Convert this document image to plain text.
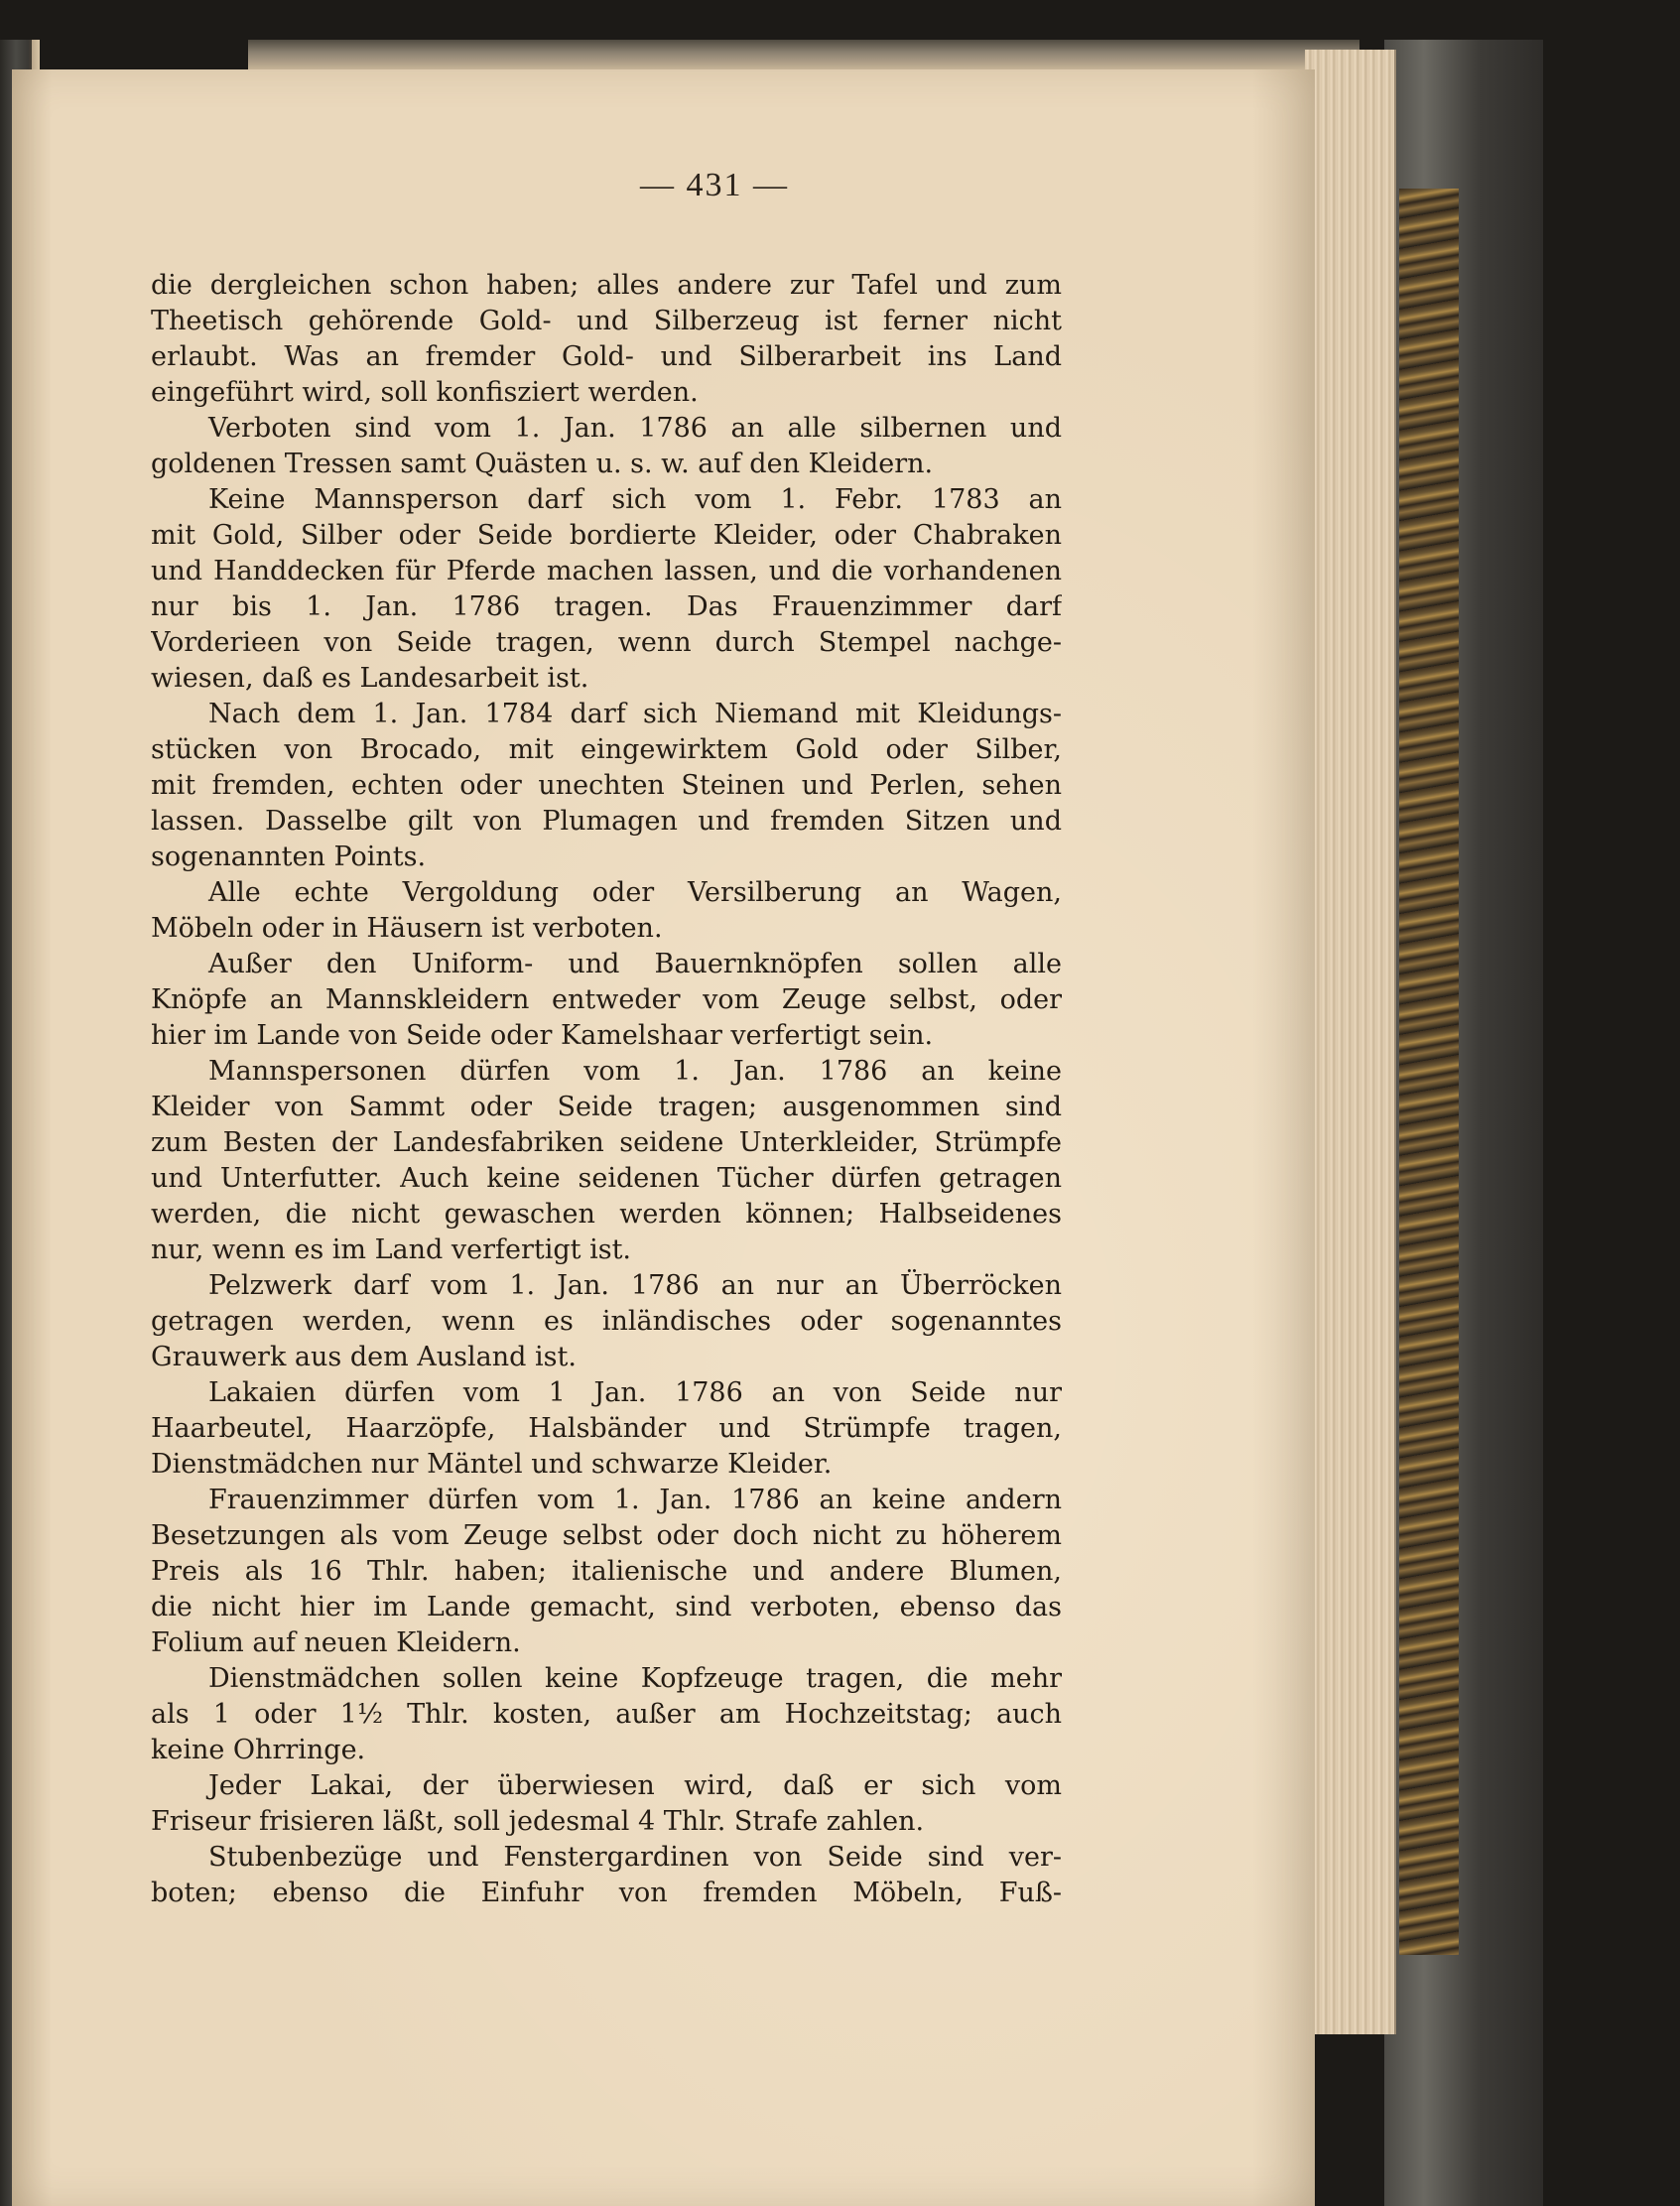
— 431 —
die dergleichen schon haben; alles andere zur Tafel und zum
Theetisch gehörende Gold- und Silberzeug ist ferner nicht
erlaubt. Was an fremder Gold- und Silberarbeit ins Land
eingeführt wird, soll konfisziert werden.
Verboten sind vom 1. Jan. 1786 an alle silbernen und
goldenen Tressen samt Quästen u. s. w. auf den Kleidern.
Keine Mannsperson darf sich vom 1. Febr. 1783 an
mit Gold, Silber oder Seide bordierte Kleider, oder Chabraken
und Handdecken für Pferde machen lassen, und die vorhandenen
nur bis 1. Jan. 1786 tragen. Das Frauenzimmer darf
Vorderieen von Seide tragen, wenn durch Stempel nachge-
wiesen, daß es Landesarbeit ist.
Nach dem 1. Jan. 1784 darf sich Niemand mit Kleidungs-
stücken von Brocado, mit eingewirktem Gold oder Silber,
mit fremden, echten oder unechten Steinen und Perlen, sehen
lassen. Dasselbe gilt von Plumagen und fremden Sitzen und
sogenannten Points.
Alle echte Vergoldung oder Versilberung an Wagen,
Möbeln oder in Häusern ist verboten.
Außer den Uniform- und Bauernknöpfen sollen alle
Knöpfe an Mannskleidern entweder vom Zeuge selbst, oder
hier im Lande von Seide oder Kamelshaar verfertigt sein.
Mannspersonen dürfen vom 1. Jan. 1786 an keine
Kleider von Sammt oder Seide tragen; ausgenommen sind
zum Besten der Landesfabriken seidene Unterkleider, Strümpfe
und Unterfutter. Auch keine seidenen Tücher dürfen getragen
werden, die nicht gewaschen werden können; Halbseidenes
nur, wenn es im Land verfertigt ist.
Pelzwerk darf vom 1. Jan. 1786 an nur an Überröcken
getragen werden, wenn es inländisches oder sogenanntes
Grauwerk aus dem Ausland ist.
Lakaien dürfen vom 1 Jan. 1786 an von Seide nur
Haarbeutel, Haarzöpfe, Halsbänder und Strümpfe tragen,
Dienstmädchen nur Mäntel und schwarze Kleider.
Frauenzimmer dürfen vom 1. Jan. 1786 an keine andern
Besetzungen als vom Zeuge selbst oder doch nicht zu höherem
Preis als 16 Thlr. haben; italienische und andere Blumen,
die nicht hier im Lande gemacht, sind verboten, ebenso das
Folium auf neuen Kleidern.
Dienstmädchen sollen keine Kopfzeuge tragen, die mehr
als 1 oder 1½ Thlr. kosten, außer am Hochzeitstag; auch
keine Ohrringe.
Jeder Lakai, der überwiesen wird, daß er sich vom
Friseur frisieren läßt, soll jedesmal 4 Thlr. Strafe zahlen.
Stubenbezüge und Fenstergardinen von Seide sind ver-
boten; ebenso die Einfuhr von fremden Möbeln, Fuß-
